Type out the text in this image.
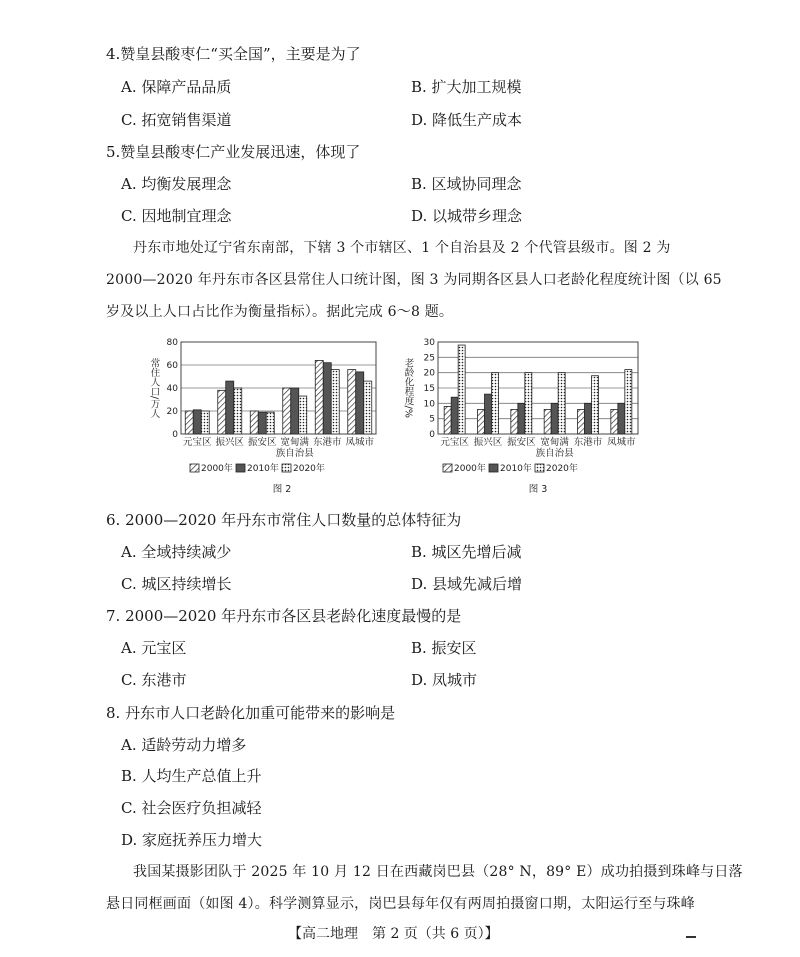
4.赞皇县酸枣仁“买全国”，主要是为了
A. 保障产品品质	B. 扩大加工规模
C. 拓宽销售渠道	D. 降低生产成本
5.赞皇县酸枣仁产业发展迅速，体现了
A. 均衡发展理念	B. 区域协同理念
C. 因地制宜理念	D. 以城带乡理念
丹东市地处辽宁省东南部，下辖 3 个市辖区、1 个自治县及 2 个代管县级市。图 2 为
2000—2020 年丹东市各区县常住人口统计图，图 3 为同期各区县人口老龄化程度统计图（以 65
岁及以上人口占比作为衡量指标）。据此完成 6～8 题。
0
20
40
60
80
常住人口/万人
元宝区 振兴区 振安区 宽甸满
族自治县
东港市 凤城市
2000年 2010年 2020年
图 2
0
5
10
15
20
25
30
老龄化程度/%
元宝区 振兴区 振安区 宽甸满
族自治县
东港市 凤城市
2000年 2010年 2020年
图 3
6. 2000—2020 年丹东市常住人口数量的总体特征为
A. 全域持续减少	B. 城区先增后减
C. 城区持续增长	D. 县域先减后增
7. 2000—2020 年丹东市各区县老龄化速度最慢的是
A. 元宝区	B. 振安区
C. 东港市	D. 凤城市
8. 丹东市人口老龄化加重可能带来的影响是
A. 适龄劳动力增多
B. 人均生产总值上升
C. 社会医疗负担减轻
D. 家庭抚养压力增大
我国某摄影团队于 2025 年 10 月 12 日在西藏岗巴县（28° N，89° E）成功拍摄到珠峰与日落
悬日同框画面（如图 4）。科学测算显示，岗巴县每年仅有两周拍摄窗口期，太阳运行至与珠峰
【高二地理　第 2 页（共 6 页）】
